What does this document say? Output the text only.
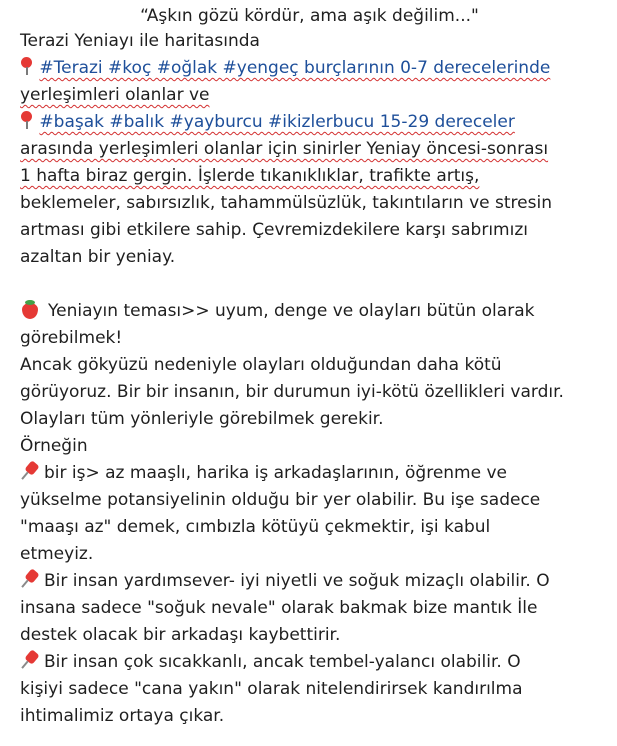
“Aşkın gözü kördür, ama aşık değilim..."
Terazi Yeniayı ile haritasında
#Terazi #koç #oğlak #yengeç burçlarının 0-7 derecelerinde
yerleşimleri olanlar ve
#başak #balık #yayburcu #ikizlerbucu 15-29 dereceler
arasında yerleşimleri olanlar için sinirler Yeniay öncesi-sonrası
1 hafta biraz gergin. İşlerde tıkanıklıklar, trafikte artış,
beklemeler, sabırsızlık, tahammülsüzlük, takıntıların ve stresin
artması gibi etkilere sahip. Çevremizdekilere karşı sabrımızı
azaltan bir yeniay.
Yeniayın teması>> uyum, denge ve olayları bütün olarak
görebilmek!
Ancak gökyüzü nedeniyle olayları olduğundan daha kötü
görüyoruz. Bir bir insanın, bir durumun iyi-kötü özellikleri vardır.
Olayları tüm yönleriyle görebilmek gerekir.
Örneğin
bir iş> az maaşlı, harika iş arkadaşlarının, öğrenme ve
yükselme potansiyelinin olduğu bir yer olabilir. Bu işe sadece
"maaşı az" demek, cımbızla kötüyü çekmektir, işi kabul
etmeyiz.
Bir insan yardımsever- iyi niyetli ve soğuk mizaçlı olabilir. O
insana sadece "soğuk nevale" olarak bakmak bize mantık İle
destek olacak bir arkadaşı kaybettirir.
Bir insan çok sıcakkanlı, ancak tembel-yalancı olabilir. O
kişiyi sadece "cana yakın" olarak nitelendirirsek kandırılma
ihtimalimiz ortaya çıkar.
